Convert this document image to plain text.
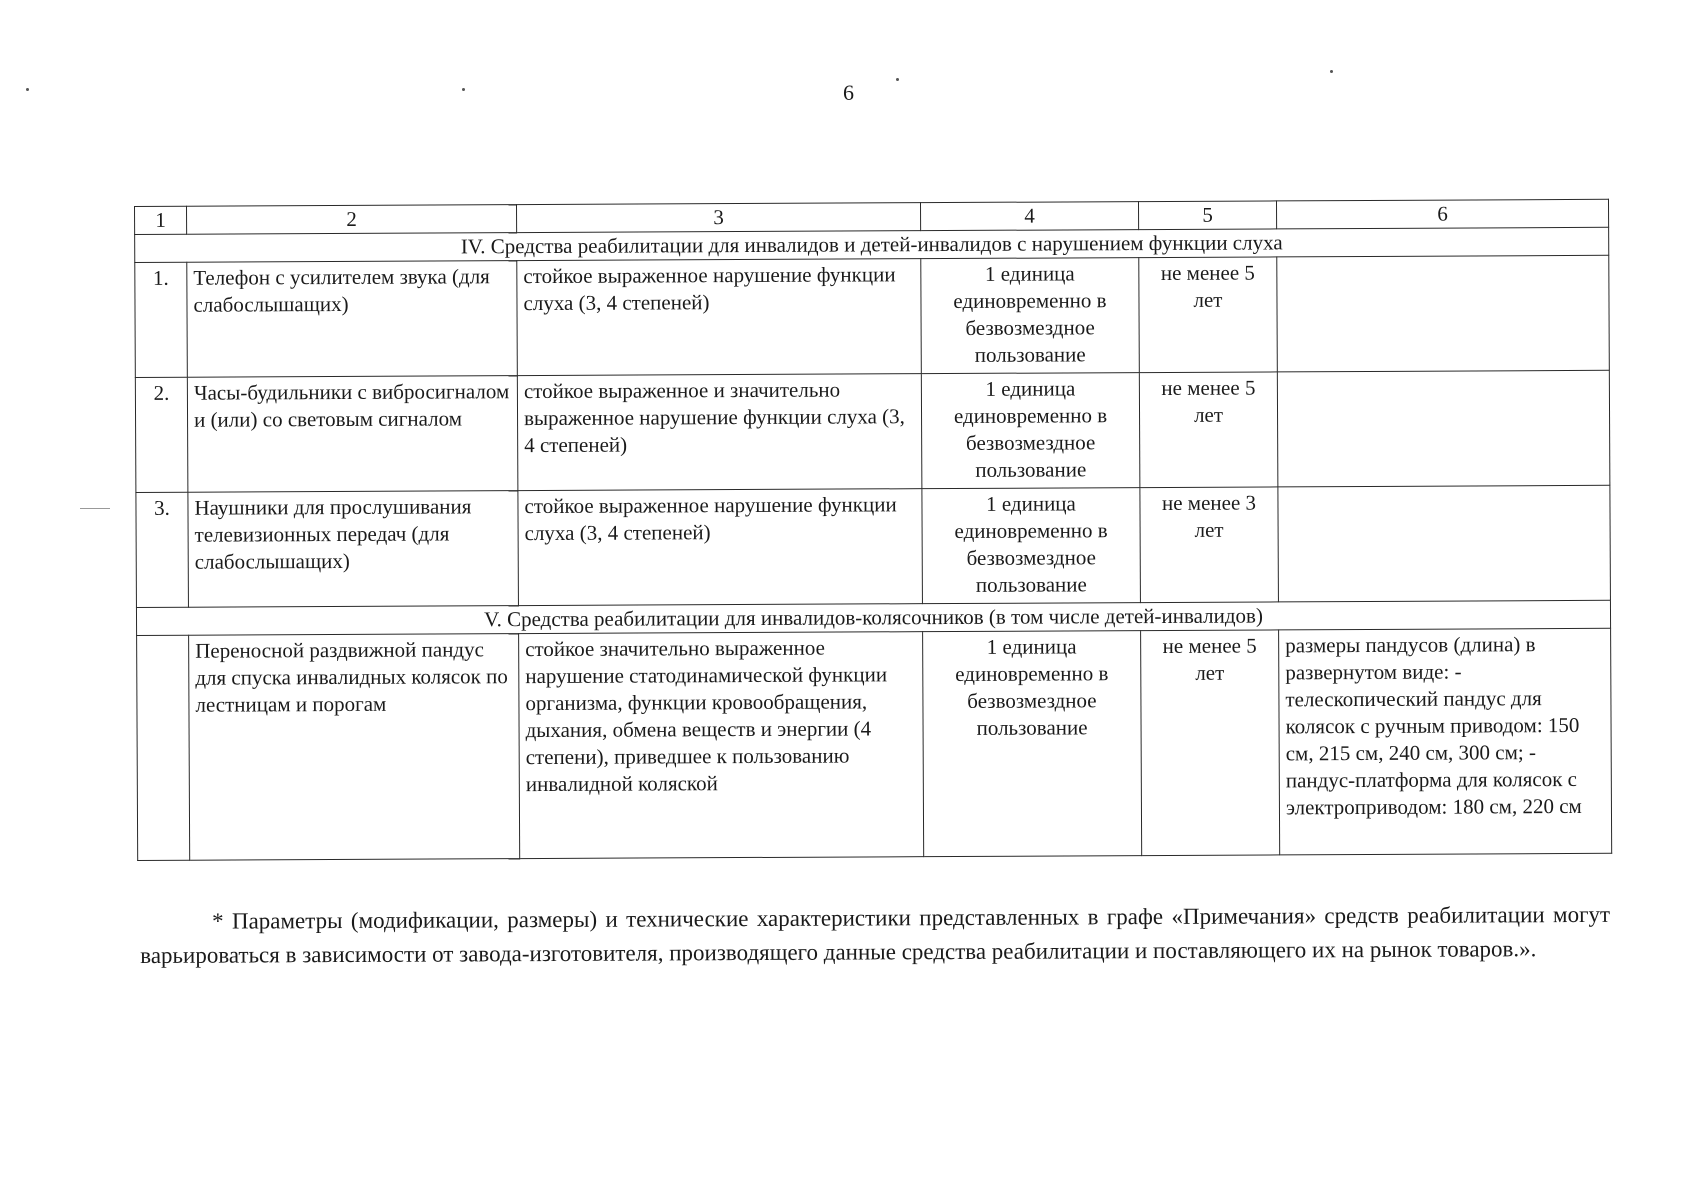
6
1	2	3	4	5	6
IV. Средства реабилитации для инвалидов и детей-инвалидов с нарушением функции слуха					
1.	Телефон с усилителем звука (для слабослышащих)	стойкое выраженное нарушение функции слуха (3, 4 степеней)	1 единица единовременно в безвозмездное пользование	не менее 5 лет	
2.	Часы-будильники с вибросигналом и (или) со световым сигналом	стойкое выраженное и значительно выраженное нарушение функции слуха (3, 4 степеней)	1 единица единовременно в безвозмездное пользование	не менее 5 лет	
3.	Наушники для прослушивания телевизионных передач (для слабослышащих)	стойкое выраженное нарушение функции слуха (3, 4 степеней)	1 единица единовременно в безвозмездное пользование	не менее 3 лет	
V. Средства реабилитации для инвалидов-колясочников (в том числе детей-инвалидов)					
	Переносной раздвижной пандус для спуска инвалидных колясок по лестницам и порогам	стойкое значительно выраженное нарушение статодинамической функции организма, функции кровообращения, дыхания, обмена веществ и энергии (4 степени), приведшее к пользованию инвалидной коляской	1 единица единовременно в безвозмездное пользование	не менее 5 лет	размеры пандусов (длина) в развернутом виде: - телескопический пандус для колясок с ручным приводом: 150 см, 215 см, 240 см, 300 см; - пандус-платформа для колясок с электроприводом: 180 см, 220 см

* Параметры (модификации, размеры) и технические характеристики представленных в графе «Примечания» средств реабилитации могут варьироваться в зависимости от завода-изготовителя, производящего данные средства реабилитации и поставляющего их на рынок товаров.».
